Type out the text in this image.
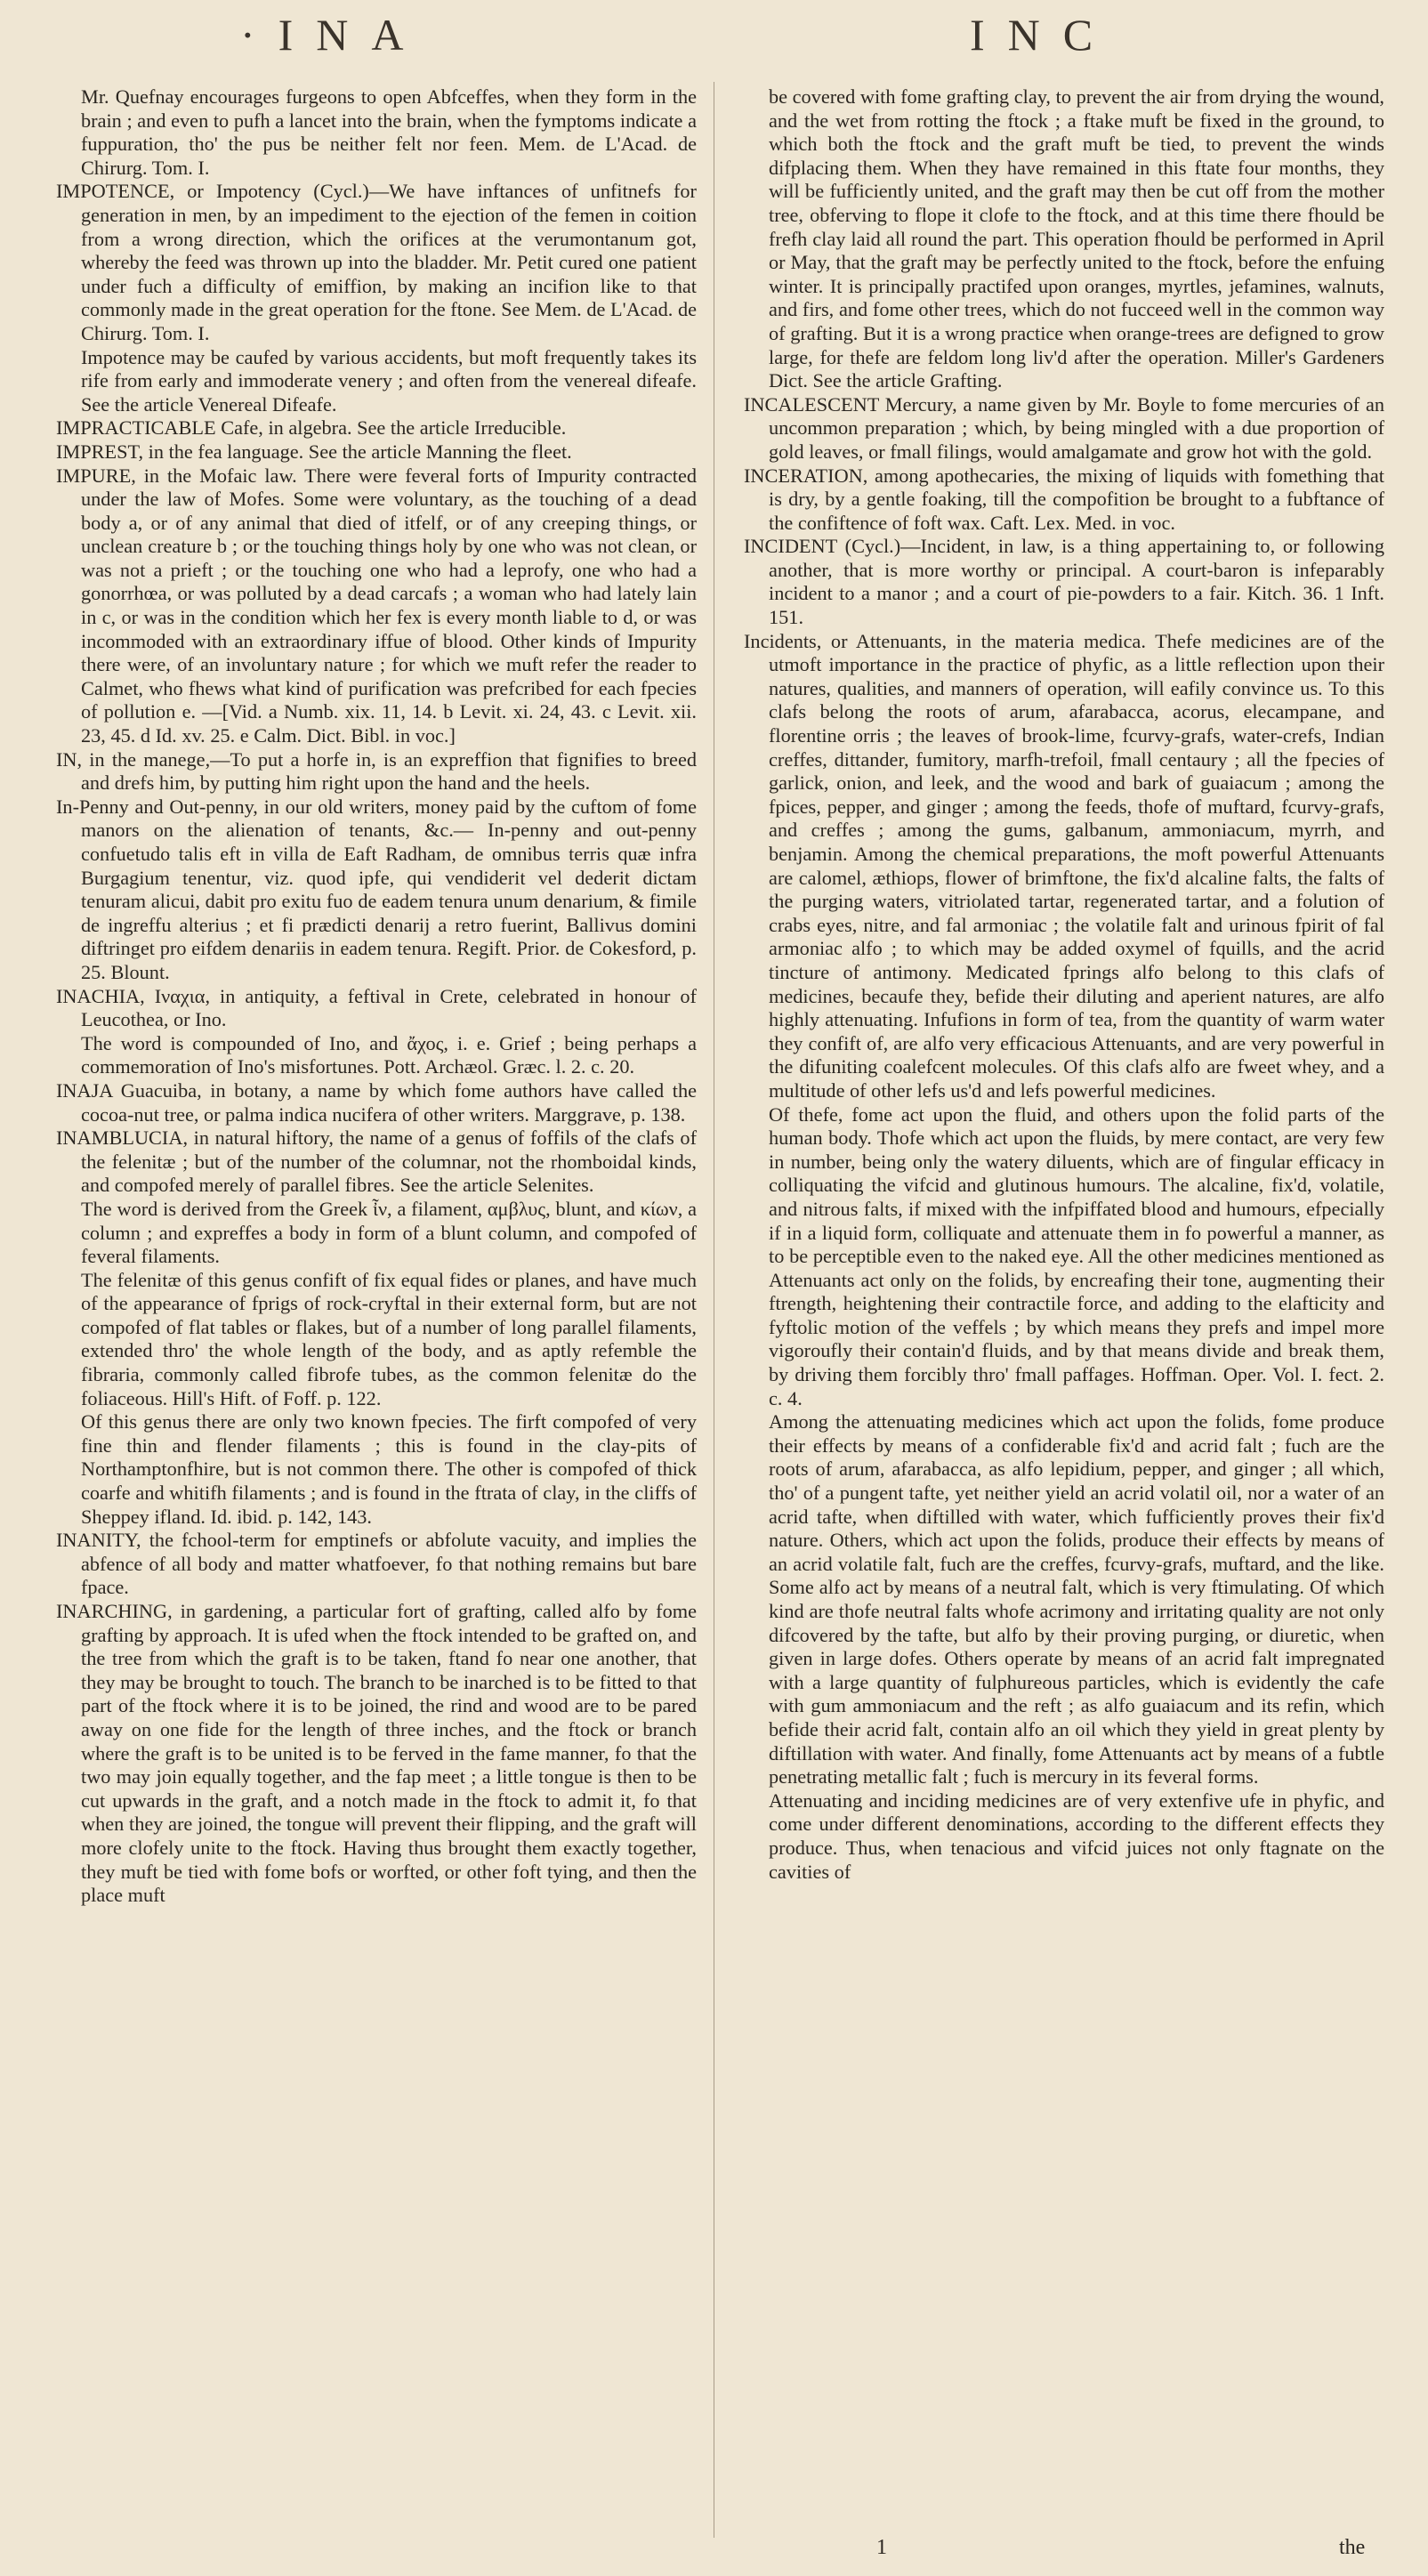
·INA	INC

Mr. Quefnay encourages furgeons to open Abfceffes, when they form in the brain ; and even to pufh a lancet into the brain, when the fymptoms indicate a fuppuration, tho' the pus be neither felt nor feen. Mem. de L'Acad. de Chirurg. Tom. I.

IMPOTENCE, or Impotency (Cycl.)—We have inftances of unfitnefs for generation in men, by an impediment to the ejection of the femen in coition from a wrong direction, which the orifices at the verumontanum got, whereby the feed was thrown up into the bladder. Mr. Petit cured one patient under fuch a difficulty of emiffion, by making an incifion like to that commonly made in the great operation for the ftone. See Mem. de L'Acad. de Chirurg. Tom. I.

Impotence may be caufed by various accidents, but moft frequently takes its rife from early and immoderate venery ; and often from the venereal difeafe. See the article Venereal Difeafe.

IMPRACTICABLE Cafe, in algebra. See the article Irreducible.

IMPREST, in the fea language. See the article Manning the fleet.

IMPURE, in the Mofaic law. There were feveral forts of Impurity contracted under the law of Mofes. Some were voluntary, as the touching of a dead body a, or of any animal that died of itfelf, or of any creeping things, or unclean creature b ; or the touching things holy by one who was not clean, or was not a prieft ; or the touching one who had a leprofy, one who had a gonorrhœa, or was polluted by a dead carcafs ; a woman who had lately lain in c, or was in the condition which her fex is every month liable to d, or was incommoded with an extraordinary iffue of blood. Other kinds of Impurity there were, of an involuntary nature ; for which we muft refer the reader to Calmet, who fhews what kind of purification was prefcribed for each fpecies of pollution e. —[Vid. a Numb. xix. 11, 14. b Levit. xi. 24, 43. c Levit. xii. 23, 45. d Id. xv. 25. e Calm. Dict. Bibl. in voc.]

IN, in the manege,—To put a horfe in, is an expreffion that fignifies to breed and drefs him, by putting him right upon the hand and the heels.

In-Penny and Out-penny, in our old writers, money paid by the cuftom of fome manors on the alienation of tenants, &c.— In-penny and out-penny confuetudo talis eft in villa de Eaft Radham, de omnibus terris quæ infra Burgagium tenentur, viz. quod ipfe, qui vendiderit vel dederit dictam tenuram alicui, dabit pro exitu fuo de eadem tenura unum denarium, & fimile de ingreffu alterius ; et fi prædicti denarij a retro fuerint, Ballivus domini diftringet pro eifdem denariis in eadem tenura. Regift. Prior. de Cokesford, p. 25. Blount.

INACHIA, Ιναχια, in antiquity, a feftival in Crete, celebrated in honour of Leucothea, or Ino.

The word is compounded of Ino, and ἄχος, i. e. Grief ; being perhaps a commemoration of Ino's misfortunes. Pott. Archæol. Græc. l. 2. c. 20.

INAJA Guacuiba, in botany, a name by which fome authors have called the cocoa-nut tree, or palma indica nucifera of other writers. Marggrave, p. 138.

INAMBLUCIA, in natural hiftory, the name of a genus of foffils of the clafs of the felenitæ ; but of the number of the columnar, not the rhomboidal kinds, and compofed merely of parallel fibres. See the article Selenites.

The word is derived from the Greek ἶν, a filament, αμβλυς, blunt, and κίων, a column ; and expreffes a body in form of a blunt column, and compofed of feveral filaments.

The felenitæ of this genus confift of fix equal fides or planes, and have much of the appearance of fprigs of rock-cryftal in their external form, but are not compofed of flat tables or flakes, but of a number of long parallel filaments, extended thro' the whole length of the body, and as aptly refemble the fibraria, commonly called fibrofe tubes, as the common felenitæ do the foliaceous. Hill's Hift. of Foff. p. 122.

Of this genus there are only two known fpecies. The firft compofed of very fine thin and flender filaments ; this is found in the clay-pits of Northamptonfhire, but is not common there. The other is compofed of thick coarfe and whitifh filaments ; and is found in the ftrata of clay, in the cliffs of Sheppey ifland. Id. ibid. p. 142, 143.

INANITY, the fchool-term for emptinefs or abfolute vacuity, and implies the abfence of all body and matter whatfoever, fo that nothing remains but bare fpace.

INARCHING, in gardening, a particular fort of grafting, called alfo by fome grafting by approach. It is ufed when the ftock intended to be grafted on, and the tree from which the graft is to be taken, ftand fo near one another, that they may be brought to touch. The branch to be inarched is to be fitted to that part of the ftock where it is to be joined, the rind and wood are to be pared away on one fide for the length of three inches, and the ftock or branch where the graft is to be united is to be ferved in the fame manner, fo that the two may join equally together, and the fap meet ; a little tongue is then to be cut upwards in the graft, and a notch made in the ftock to admit it, fo that when they are joined, the tongue will prevent their flipping, and the graft will more clofely unite to the ftock. Having thus brought them exactly together, they muft be tied with fome bofs or worfted, or other foft tying, and then the place muft

be covered with fome grafting clay, to prevent the air from drying the wound, and the wet from rotting the ftock ; a ftake muft be fixed in the ground, to which both the ftock and the graft muft be tied, to prevent the winds difplacing them. When they have remained in this ftate four months, they will be fufficiently united, and the graft may then be cut off from the mother tree, obferving to flope it clofe to the ftock, and at this time there fhould be frefh clay laid all round the part. This operation fhould be performed in April or May, that the graft may be perfectly united to the ftock, before the enfuing winter. It is principally practifed upon oranges, myrtles, jefamines, walnuts, and firs, and fome other trees, which do not fucceed well in the common way of grafting. But it is a wrong practice when orange-trees are defigned to grow large, for thefe are feldom long liv'd after the operation. Miller's Gardeners Dict. See the article Grafting.

INCALESCENT Mercury, a name given by Mr. Boyle to fome mercuries of an uncommon preparation ; which, by being mingled with a due proportion of gold leaves, or fmall filings, would amalgamate and grow hot with the gold.

INCERATION, among apothecaries, the mixing of liquids with fomething that is dry, by a gentle foaking, till the compofition be brought to a fubftance of the confiftence of foft wax. Caft. Lex. Med. in voc.

INCIDENT (Cycl.)—Incident, in law, is a thing appertaining to, or following another, that is more worthy or principal. A court-baron is infeparably incident to a manor ; and a court of pie-powders to a fair. Kitch. 36. 1 Inft. 151.

Incidents, or Attenuants, in the materia medica. Thefe medicines are of the utmoft importance in the practice of phyfic, as a little reflection upon their natures, qualities, and manners of operation, will eafily convince us. To this clafs belong the roots of arum, afarabacca, acorus, elecampane, and florentine orris ; the leaves of brook-lime, fcurvy-grafs, water-crefs, Indian creffes, dittander, fumitory, marfh-trefoil, fmall centaury ; all the fpecies of garlick, onion, and leek, and the wood and bark of guaiacum ; among the fpices, pepper, and ginger ; among the feeds, thofe of muftard, fcurvy-grafs, and creffes ; among the gums, galbanum, ammoniacum, myrrh, and benjamin. Among the chemical preparations, the moft powerful Attenuants are calomel, æthiops, flower of brimftone, the fix'd alcaline falts, the falts of the purging waters, vitriolated tartar, regenerated tartar, and a folution of crabs eyes, nitre, and fal armoniac ; the volatile falt and urinous fpirit of fal armoniac alfo ; to which may be added oxymel of fquills, and the acrid tincture of antimony. Medicated fprings alfo belong to this clafs of medicines, becaufe they, befide their diluting and aperient natures, are alfo highly attenuating. Infufions in form of tea, from the quantity of warm water they confift of, are alfo very efficacious Attenuants, and are very powerful in the difuniting coalefcent molecules. Of this clafs alfo are fweet whey, and a multitude of other lefs us'd and lefs powerful medicines.

Of thefe, fome act upon the fluid, and others upon the folid parts of the human body. Thofe which act upon the fluids, by mere contact, are very few in number, being only the watery diluents, which are of fingular efficacy in colliquating the vifcid and glutinous humours. The alcaline, fix'd, volatile, and nitrous falts, if mixed with the infpiffated blood and humours, efpecially if in a liquid form, colliquate and attenuate them in fo powerful a manner, as to be perceptible even to the naked eye. All the other medicines mentioned as Attenuants act only on the folids, by encreafing their tone, augmenting their ftrength, heightening their contractile force, and adding to the elafticity and fyftolic motion of the veffels ; by which means they prefs and impel more vigoroufly their contain'd fluids, and by that means divide and break them, by driving them forcibly thro' fmall paffages. Hoffman. Oper. Vol. I. fect. 2. c. 4.

Among the attenuating medicines which act upon the folids, fome produce their effects by means of a confiderable fix'd and acrid falt ; fuch are the roots of arum, afarabacca, as alfo lepidium, pepper, and ginger ; all which, tho' of a pungent tafte, yet neither yield an acrid volatil oil, nor a water of an acrid tafte, when diftilled with water, which fufficiently proves their fix'd nature. Others, which act upon the folids, produce their effects by means of an acrid volatile falt, fuch are the creffes, fcurvy-grafs, muftard, and the like. Some alfo act by means of a neutral falt, which is very ftimulating. Of which kind are thofe neutral falts whofe acrimony and irritating quality are not only difcovered by the tafte, but alfo by their proving purging, or diuretic, when given in large dofes. Others operate by means of an acrid falt impregnated with a large quantity of fulphureous particles, which is evidently the cafe with gum ammoniacum and the reft ; as alfo guaiacum and its refin, which befide their acrid falt, contain alfo an oil which they yield in great plenty by diftillation with water. And finally, fome Attenuants act by means of a fubtle penetrating metallic falt ; fuch is mercury in its feveral forms.

Attenuating and inciding medicines are of very extenfive ufe in phyfic, and come under different denominations, according to the different effects they produce. Thus, when tenacious and vifcid juices not only ftagnate on the cavities of

1	the
